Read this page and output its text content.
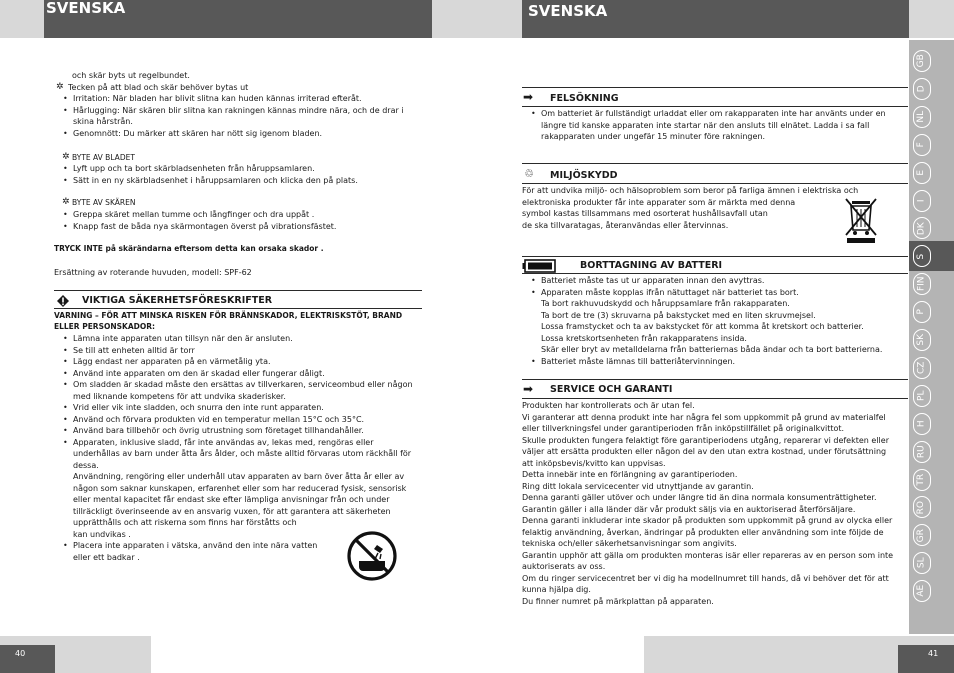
SVENSKA	SVENSKA
40	41
GB
D
NL
F
E
I
DK
S
FIN
P
SK
CZ
PL
H
RU
TR
RO
GR
SL
AE
och skär byts ut regelbundet.
✲ Tecken på att blad och skär behöver bytas ut
• Irritation: När bladen har blivit slitna kan huden kännas irriterad efteråt.
• Hårlugging: När skären blir slitna kan rakningen kännas mindre nära, och de drar i
skina hårstrån.
• Genomnött: Du märker att skären har nött sig igenom bladen.
✲ BYTE AV BLADET
• Lyft upp och ta bort skärbladsenheten från håruppsamlaren.
• Sätt in en ny skärbladsenhet i håruppsamlaren och klicka den på plats.
✲ BYTE AV SKÄREN
• Greppa skäret mellan tumme och långfinger och dra uppåt .
• Knapp fast de båda nya skärmontagen överst på vibrationsfästet.
TRYCK INTE på skärändarna eftersom detta kan orsaka skador .
Ersättning av roterande huvuden, modell: SPF-62
VIKTIGA SÄKERHETSFÖRESKRIFTER
VARNING – FÖR ATT MINSKA RISKEN FÖR BRÄNNSKADOR, ELEKTRISKSTÖT, BRAND
ELLER PERSONSKADOR:
• Lämna inte apparaten utan tillsyn när den är ansluten.
• Se till att enheten alltid är torr
• Lägg endast ner apparaten på en värmetålig yta.
• Använd inte apparaten om den är skadad eller fungerar dåligt.
• Om sladden är skadad måste den ersättas av tillverkaren, serviceombud eller någon
med liknande kompetens för att undvika skaderisker.
• Vrid eller vik inte sladden, och snurra den inte runt apparaten.
• Använd och förvara produkten vid en temperatur mellan 15°C och 35°C.
• Använd bara tillbehör och övrig utrustning som företaget tillhandahåller.
• Apparaten, inklusive sladd, får inte användas av, lekas med, rengöras eller
underhållas av barn under åtta års ålder, och måste alltid förvaras utom räckhåll för
dessa.
Användning, rengöring eller underhåll utav apparaten av barn över åtta år eller av
någon som saknar kunskapen, erfarenhet eller som har reducerad fysisk, sensorisk
eller mental kapacitet får endast ske efter lämpliga anvisningar från och under
tillräckligt överinseende av en ansvarig vuxen, för att garantera att säkerheten
upprätthålls och att riskerna som finns har förståtts och
kan undvikas .
• Placera inte apparaten i vätska, använd den inte nära vatten
eller ett badkar .
➡ FELSÖKNING
• Om batteriet är fullständigt urladdat eller om rakapparaten inte har använts under en
längre tid kanske apparaten inte startar när den ansluts till elnätet. Ladda i sa fall
rakapparaten under ungefär 15 minuter före rakningen.
♲ MILJÖSKYDD
För att undvika miljö- och hälsoproblem som beror på farliga ämnen i elektriska och
elektroniska produkter får inte apparater som är märkta med denna
symbol kastas tillsammans med osorterat hushållsavfall utan
de ska tillvaratagas, återanvändas eller återvinnas.
BORTTAGNING AV BATTERI
• Batteriet måste tas ut ur apparaten innan den avyttras.
• Apparaten måste kopplas ifrån nätuttaget när batteriet tas bort.
Ta bort rakhuvudskydd och håruppsamlare från rakapparaten.
Ta bort de tre (3) skruvarna på bakstycket med en liten skruvmejsel.
Lossa framstycket och ta av bakstycket för att komma åt kretskort och batterier.
Lossa kretskortsenheten från rakapparatens insida.
Skär eller bryt av metalldelarna från batteriernas båda ändar och ta bort batterierna.
• Batteriet måste lämnas till batteriåtervinningen.
➡ SERVICE OCH GARANTI
Produkten har kontrollerats och är utan fel.
Vi garanterar att denna produkt inte har några fel som uppkommit på grund av materialfel
eller tillverkningsfel under garantiperioden från inköpstillfället på originalkvittot.
Skulle produkten fungera felaktigt före garantiperiodens utgång, reparerar vi defekten eller
väljer att ersätta produkten eller någon del av den utan extra kostnad, under förutsättning
att inköpsbevis/kvitto kan uppvisas.
Detta innebär inte en förlängning av garantiperioden.
Ring ditt lokala servicecenter vid utnyttjande av garantin.
Denna garanti gäller utöver och under längre tid än dina normala konsumenträttigheter.
Garantin gäller i alla länder där vår produkt säljs via en auktoriserad återförsäljare.
Denna garanti inkluderar inte skador på produkten som uppkommit på grund av olycka eller
felaktig användning, åverkan, ändringar på produkten eller användning som inte följde de
tekniska och/eller säkerhetsanvisningar som angivits.
Garantin upphör att gälla om produkten monteras isär eller repareras av en person som inte
auktoriserats av oss.
Om du ringer servicecentret ber vi dig ha modellnumret till hands, då vi behöver det för att
kunna hjälpa dig.
Du finner numret på märkplattan på apparaten.
